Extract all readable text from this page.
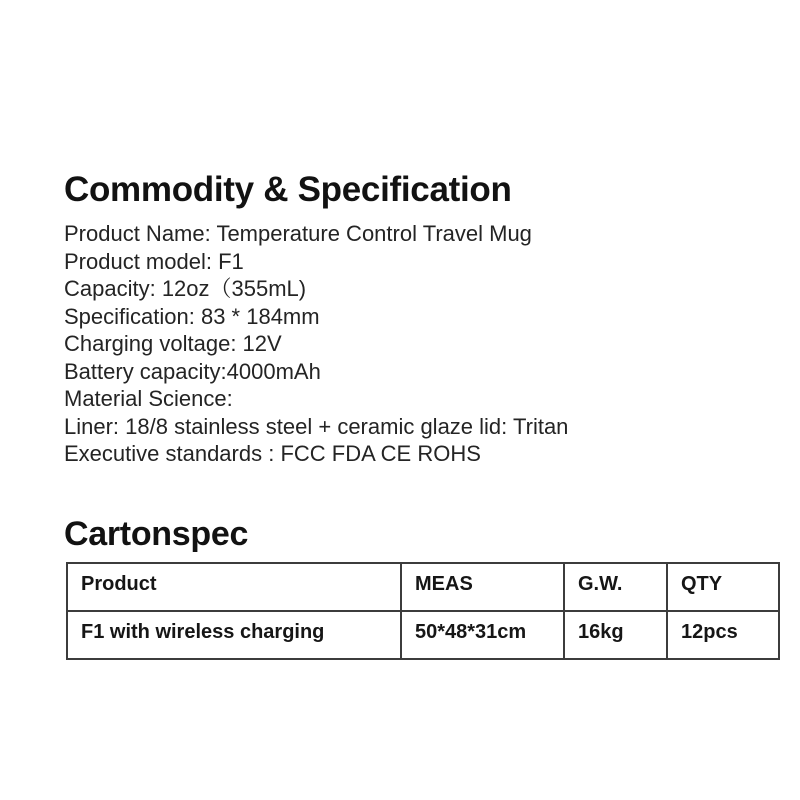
Commodity & Specification

Product Name: Temperature Control Travel Mug

Product model: F1

Capacity: 12oz（355mL)

Specification: 83 * 184mm

Charging voltage: 12V

Battery capacity:4000mAh

Material Science:

Liner: 18/8 stainless steel + ceramic glaze lid: Tritan

Executive standards : FCC FDA CE ROHS

Cartonspec
Product	MEAS	G.W.	QTY
F1 with wireless charging	50*48*31cm	16kg	12pcs
